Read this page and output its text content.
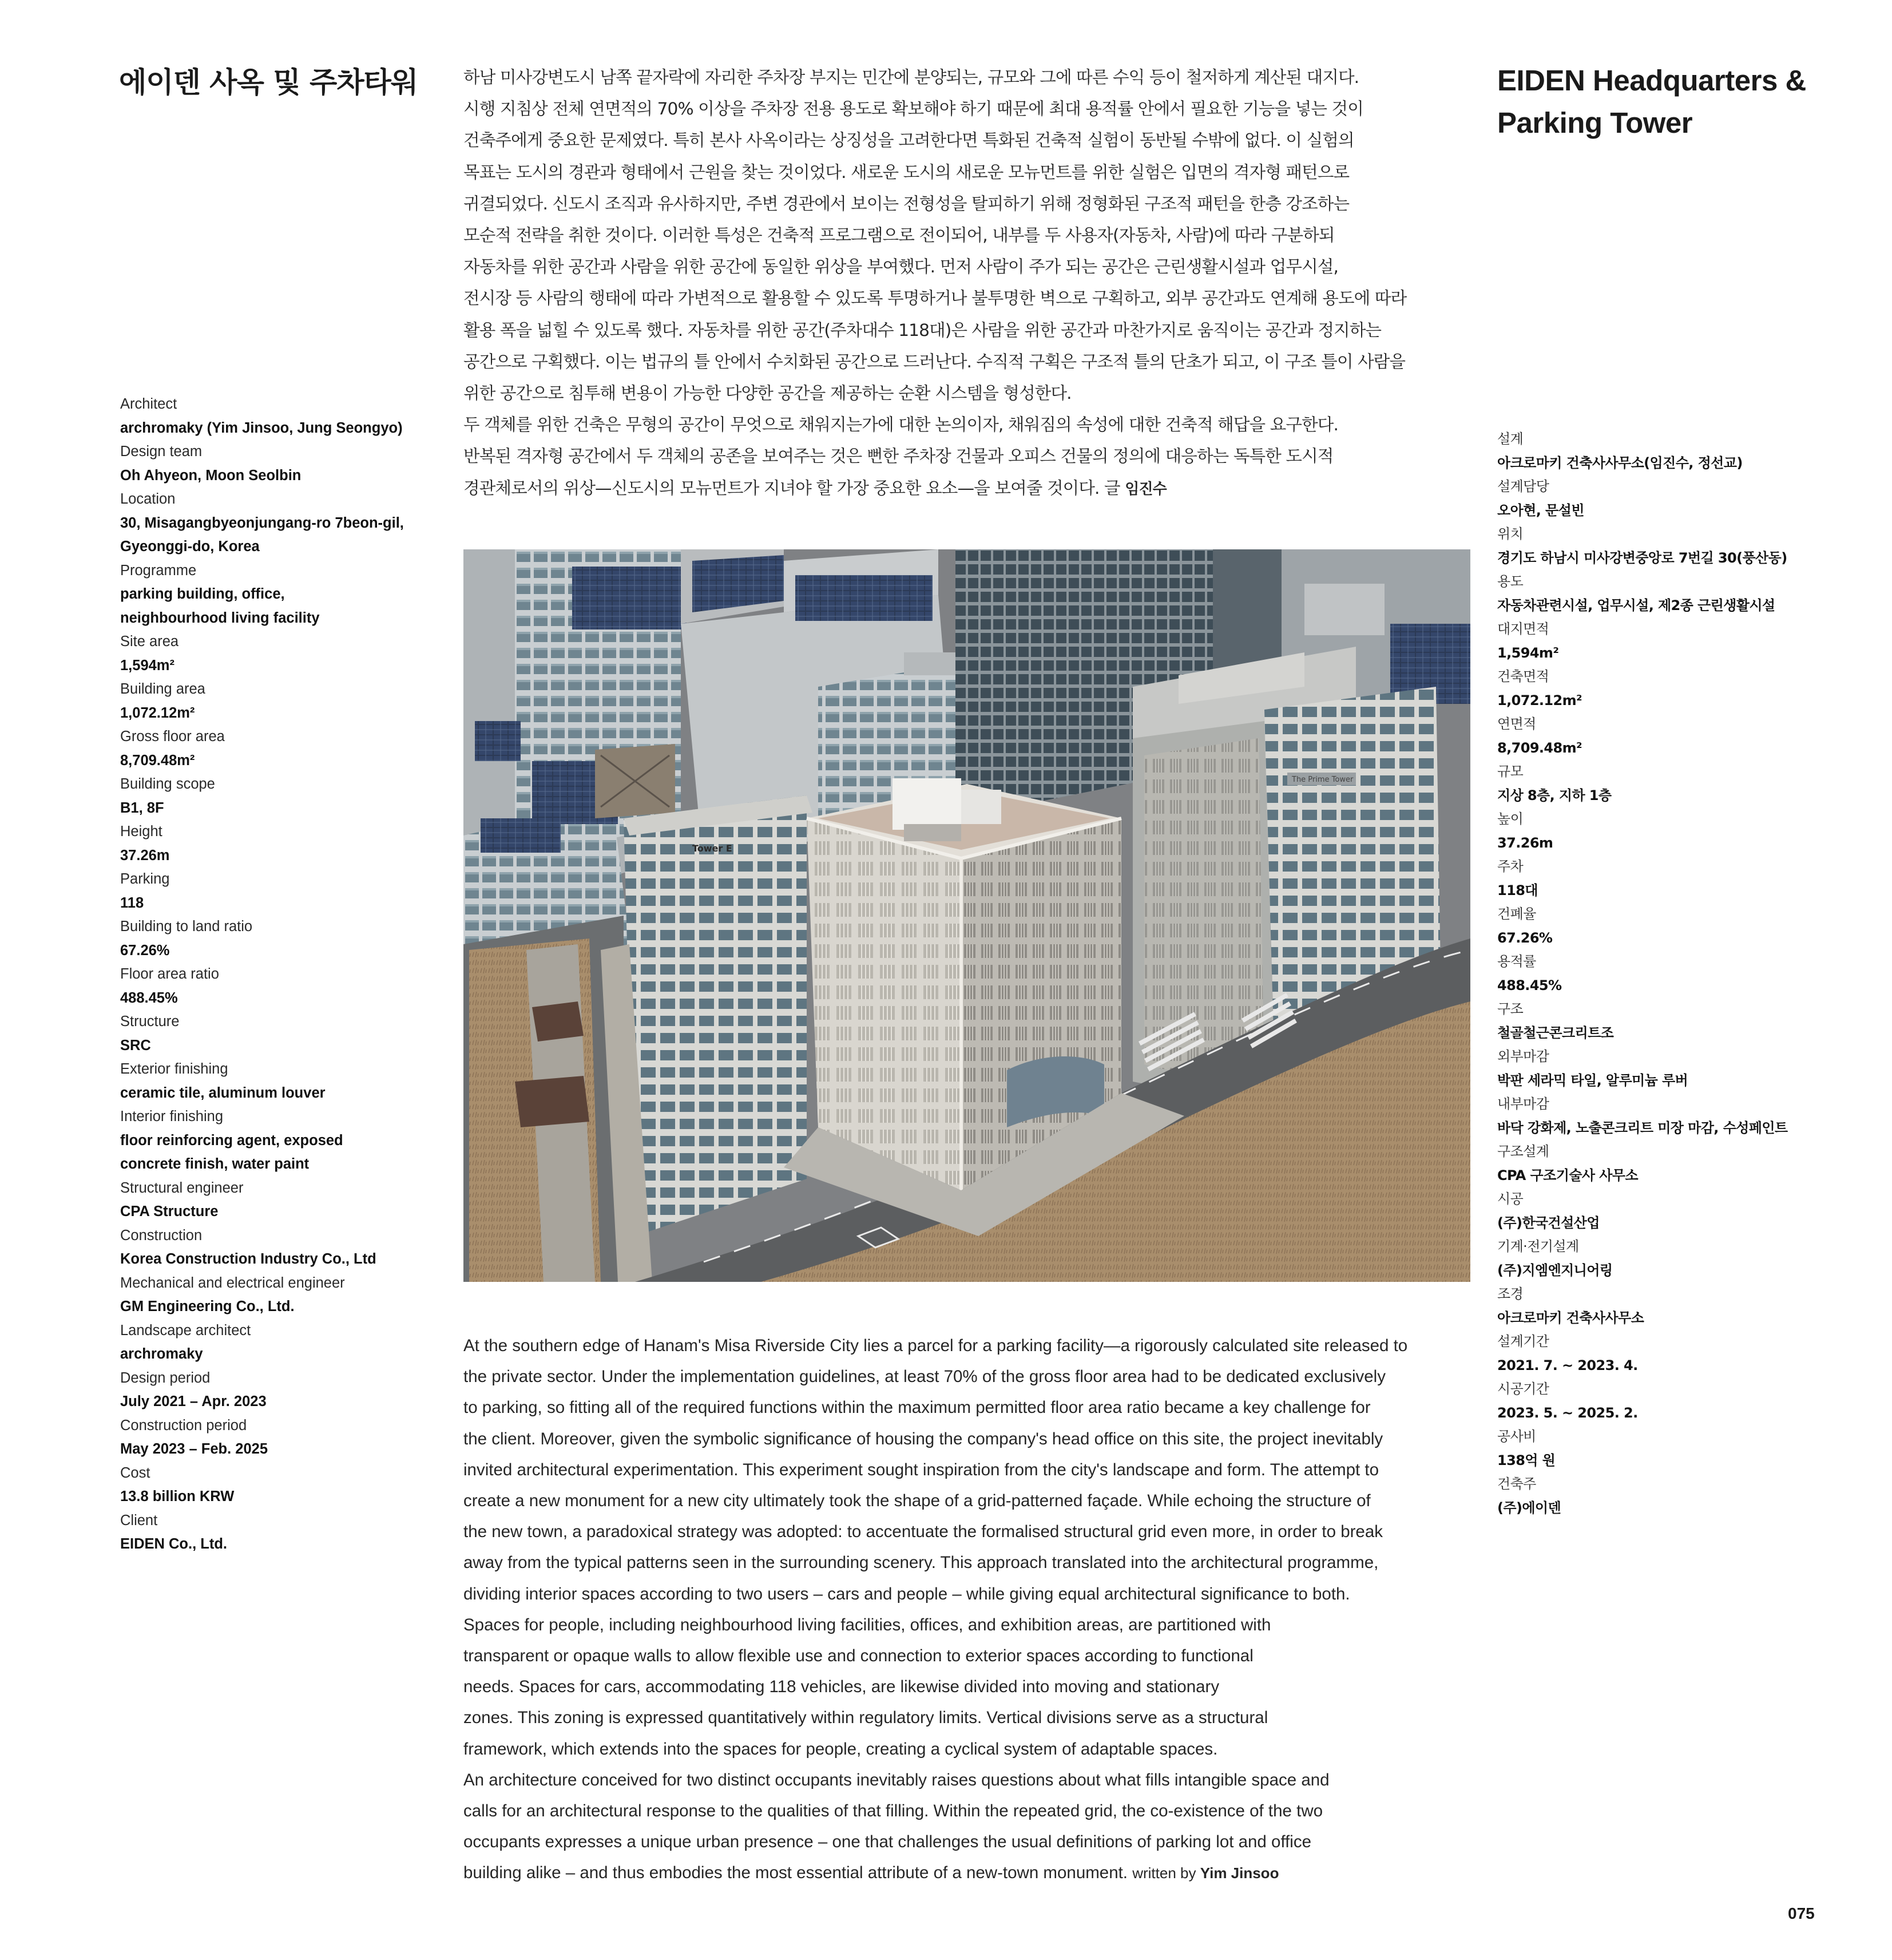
에이덴 사옥 및 주차타워	EIDEN Headquarters &
Parking Tower

하남 미사강변도시 남쪽 끝자락에 자리한 주차장 부지는 민간에 분양되는, 규모와 그에 따른 수익 등이 철저하게 계산된 대지다.

시행 지침상 전체 연면적의 70% 이상을 주차장 전용 용도로 확보해야 하기 때문에 최대 용적률 안에서 필요한 기능을 넣는 것이

건축주에게 중요한 문제였다. 특히 본사 사옥이라는 상징성을 고려한다면 특화된 건축적 실험이 동반될 수밖에 없다. 이 실험의

목표는 도시의 경관과 형태에서 근원을 찾는 것이었다. 새로운 도시의 새로운 모뉴먼트를 위한 실험은 입면의 격자형 패턴으로

귀결되었다. 신도시 조직과 유사하지만, 주변 경관에서 보이는 전형성을 탈피하기 위해 정형화된 구조적 패턴을 한층 강조하는

모순적 전략을 취한 것이다. 이러한 특성은 건축적 프로그램으로 전이되어, 내부를 두 사용자(자동차, 사람)에 따라 구분하되

자동차를 위한 공간과 사람을 위한 공간에 동일한 위상을 부여했다. 먼저 사람이 주가 되는 공간은 근린생활시설과 업무시설,

전시장 등 사람의 행태에 따라 가변적으로 활용할 수 있도록 투명하거나 불투명한 벽으로 구획하고, 외부 공간과도 연계해 용도에 따라

활용 폭을 넓힐 수 있도록 했다. 자동차를 위한 공간(주차대수 118대)은 사람을 위한 공간과 마찬가지로 움직이는 공간과 정지하는

공간으로 구획했다. 이는 법규의 틀 안에서 수치화된 공간으로 드러난다. 수직적 구획은 구조적 틀의 단초가 되고, 이 구조 틀이 사람을

위한 공간으로 침투해 변용이 가능한 다양한 공간을 제공하는 순환 시스템을 형성한다.

두 객체를 위한 건축은 무형의 공간이 무엇으로 채워지는가에 대한 논의이자, 채워짐의 속성에 대한 건축적 해답을 요구한다.

반복된 격자형 공간에서 두 객체의 공존을 보여주는 것은 뻔한 주차장 건물과 오피스 건물의 정의에 대응하는 독특한 도시적

경관체로서의 위상—신도시의 모뉴먼트가 지녀야 할 가장 중요한 요소—을 보여줄 것이다. 글 임진수

Architect
archromaky (Yim Jinsoo, Jung Seongyo)
Design team
Oh Ahyeon, Moon Seolbin
Location
30, Misagangbyeonjungang-ro 7beon-gil,
Gyeonggi-do, Korea
Programme
parking building, office,
neighbourhood living facility
Site area
1,594m²
Building area
1,072.12m²
Gross floor area
8,709.48m²
Building scope
B1, 8F
Height
37.26m
Parking
118
Building to land ratio
67.26%
Floor area ratio
488.45%
Structure
SRC
Exterior finishing
ceramic tile, aluminum louver
Interior finishing
floor reinforcing agent, exposed
concrete finish, water paint
Structural engineer
CPA Structure
Construction
Korea Construction Industry Co., Ltd
Mechanical and electrical engineer
GM Engineering Co., Ltd.
Landscape architect
archromaky
Design period
July 2021 – Apr. 2023
Construction period
May 2023 – Feb. 2025
Cost
13.8 billion KRW
Client
EIDEN Co., Ltd.
설계
아크로마키 건축사사무소(임진수, 정선교)
설계담당
오아현, 문설빈
위치
경기도 하남시 미사강변중앙로 7번길 30(풍산동)
용도
자동차관련시설, 업무시설, 제2종 근린생활시설
대지면적
1,594m²
건축면적
1,072.12m²
연면적
8,709.48m²
규모
지상 8층, 지하 1층
높이
37.26m
주차
118대
건폐율
67.26%
용적률
488.45%
구조
철골철근콘크리트조
외부마감
박판 세라믹 타일, 알루미늄 루버
내부마감
바닥 강화제, 노출콘크리트 미장 마감, 수성페인트
구조설계
CPA 구조기술사 사무소
시공
(주)한국건설산업
기계·전기설계
(주)지엠엔지니어링
조경
아크로마키 건축사사무소
설계기간
2021. 7. ~ 2023. 4.
시공기간
2023. 5. ~ 2025. 2.
공사비
138억 원
건축주
(주)에이덴
The Prime Tower
Tower E

At the southern edge of Hanam's Misa Riverside City lies a parcel for a parking facility—a rigorously calculated site released to

the private sector. Under the implementation guidelines, at least 70% of the gross floor area had to be dedicated exclusively

to parking, so fitting all of the required functions within the maximum permitted floor area ratio became a key challenge for

the client. Moreover, given the symbolic significance of housing the company's head office on this site, the project inevitably

invited architectural experimentation. This experiment sought inspiration from the city's landscape and form. The attempt to

create a new monument for a new city ultimately took the shape of a grid-patterned façade. While echoing the structure of

the new town, a paradoxical strategy was adopted: to accentuate the formalised structural grid even more, in order to break

away from the typical patterns seen in the surrounding scenery. This approach translated into the architectural programme,

dividing interior spaces according to two users – cars and people – while giving equal architectural significance to both.

Spaces for people, including neighbourhood living facilities, offices, and exhibition areas, are partitioned with

transparent or opaque walls to allow flexible use and connection to exterior spaces according to functional

needs. Spaces for cars, accommodating 118 vehicles, are likewise divided into moving and stationary

zones. This zoning is expressed quantitatively within regulatory limits. Vertical divisions serve as a structural

framework, which extends into the spaces for people, creating a cyclical system of adaptable spaces.

An architecture conceived for two distinct occupants inevitably raises questions about what fills intangible space and

calls for an architectural response to the qualities of that filling. Within the repeated grid, the co-existence of the two

occupants expresses a unique urban presence – one that challenges the usual definitions of parking lot and office

building alike – and thus embodies the most essential attribute of a new-town monument. written by Yim Jinsoo

075
